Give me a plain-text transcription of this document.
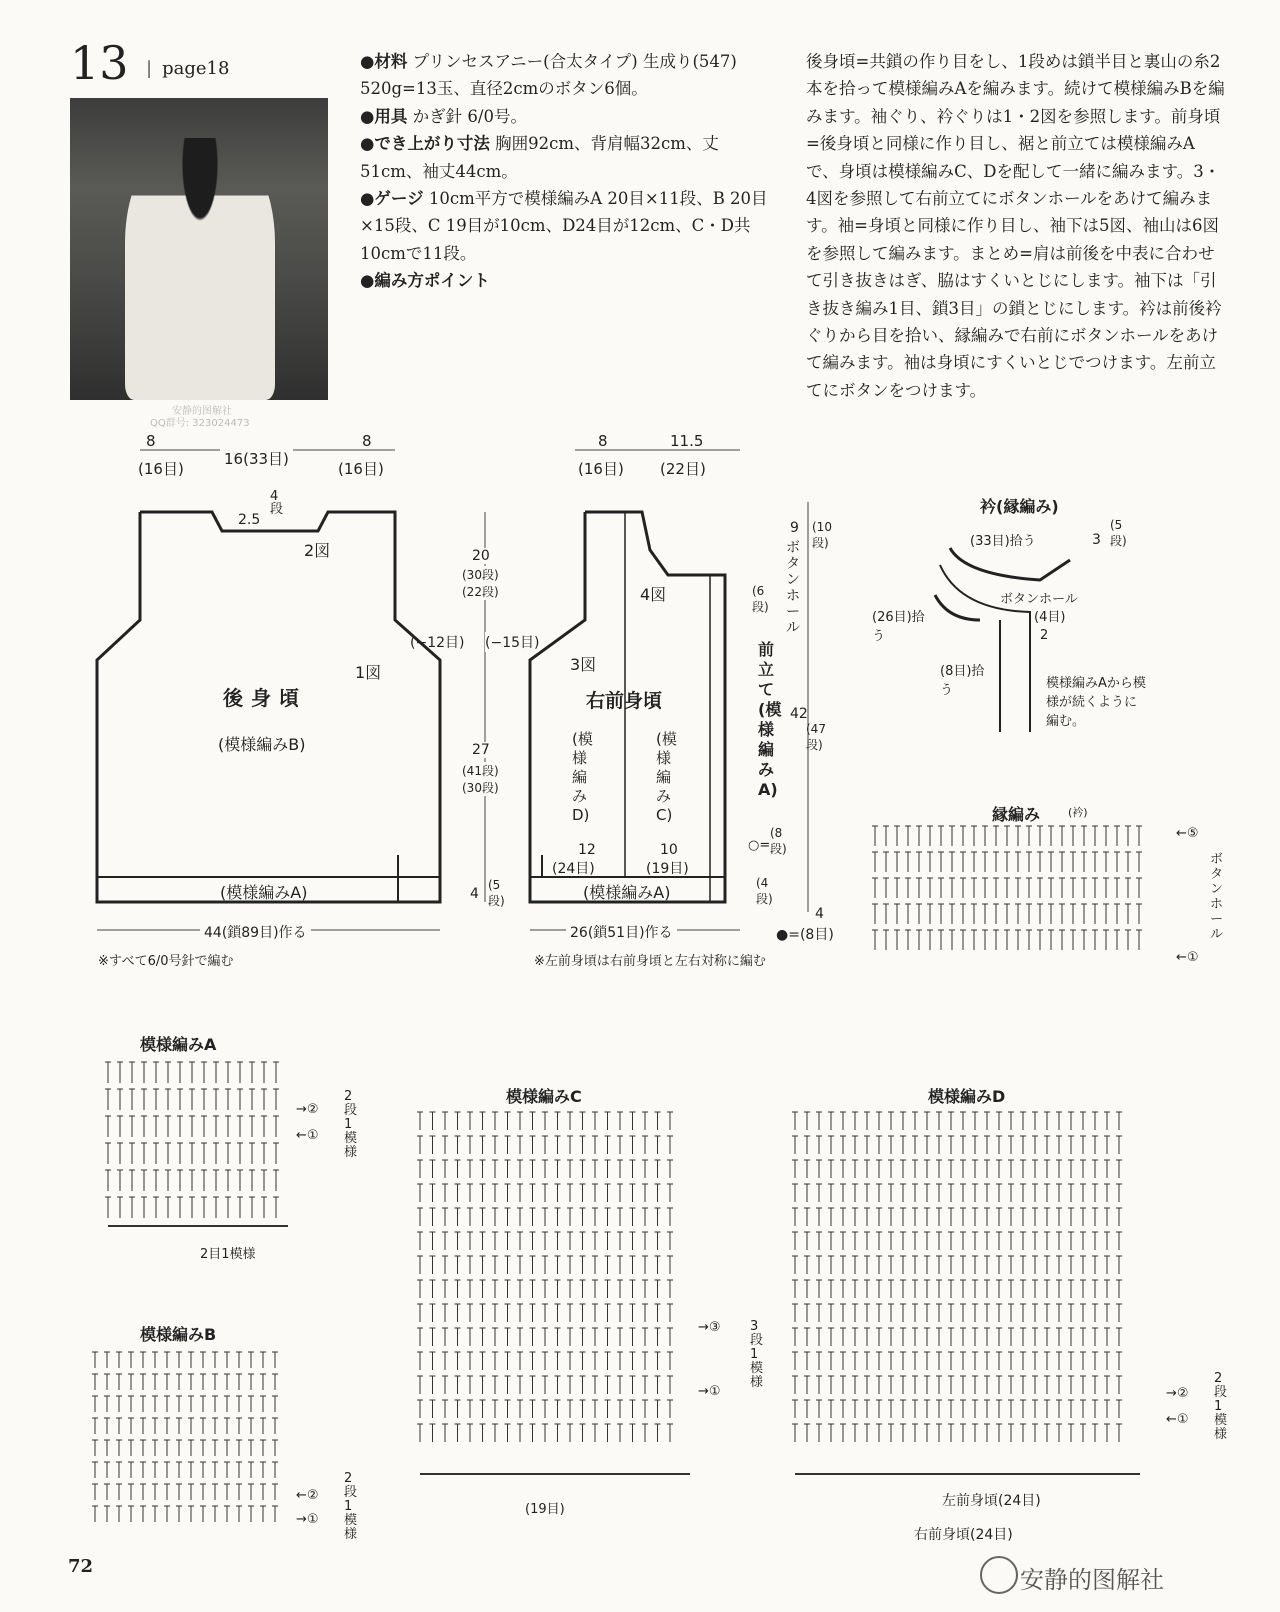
13 | page18
安静的图解社
QQ群号: 323024473

●材料 プリンセスアニー(合太タイプ) 生成り(547) 520g=13玉、直径2cmのボタン6個。

●用具 かぎ針 6/0号。

●でき上がり寸法 胸囲92cm、背肩幅32cm、丈51cm、袖丈44cm。

●ゲージ 10cm平方で模様編みA 20目×11段、B 20目×15段、C 19目が10cm、D24目が12cm、C・D共10cmで11段。

●編み方ポイント

後身頃=共鎖の作り目をし、1段めは鎖半目と裏山の糸2本を拾って模様編みAを編みます。続けて模様編みBを編みます。袖ぐり、衿ぐりは1・2図を参照します。前身頃=後身頃と同様に作り目し、裾と前立ては模様編みAで、身頃は模様編みC、Dを配して一緒に編みます。3・4図を参照して右前立てにボタンホールをあけて編みます。袖=身頃と同様に作り目し、袖下は5図、袖山は6図を参照して編みます。まとめ=肩は前後を中表に合わせて引き抜きはぎ、脇はすくいとじにします。袖下は「引き抜き編み1目、鎖3目」の鎖とじにします。衿は前後衿ぐりから目を拾い、縁編みで右前にボタンホールをあけて編みます。袖は身頃にすくいとじでつけます。左前立てにボタンをつけます。

8
16(33目)
8
(16目)	(16目)
2.5
4段
2図
1図
(−12目)
後身頃
(模様編みB)
(模様編みA)
44(鎖89目)作る
※すべて6/0号針で編む
20
(30段)(22段)
(−15目)
27
(41段)(30段)
4
(5段)
8	11.5
(16目) (22目)
4図
3図
右前身頃
(模様編みD)
(模様編みC)
12
(24目)
10
(19目)
(模様編みA)
26(鎖51目)作る
※左前身頃は右前身頃と左右対称に編む
前立て(模様編みA)
ボタンホール
9 (10段)
(6段)
42
(47段)
(8段)
(4段)
4
●=(8目)
○=
衿(縁編み)
(33目)拾う	3
(5段)
ボタンホール
(4目)
2
(26目)拾う
(8目)拾う	模様編みAから模様が続くように編む。
縁編み	(衿)
←⑤
←①
ボタンホール
模様編みA
2目1模様
→②
←①
2段1模様
模様編みB
←②
→①
2段1模様
模様編みC
(19目)
→③
→①
3段1模様
模様編みD
左前身頃(24目)
右前身頃(24目)
→②
←①
2段1模様
72	安静的图解社
